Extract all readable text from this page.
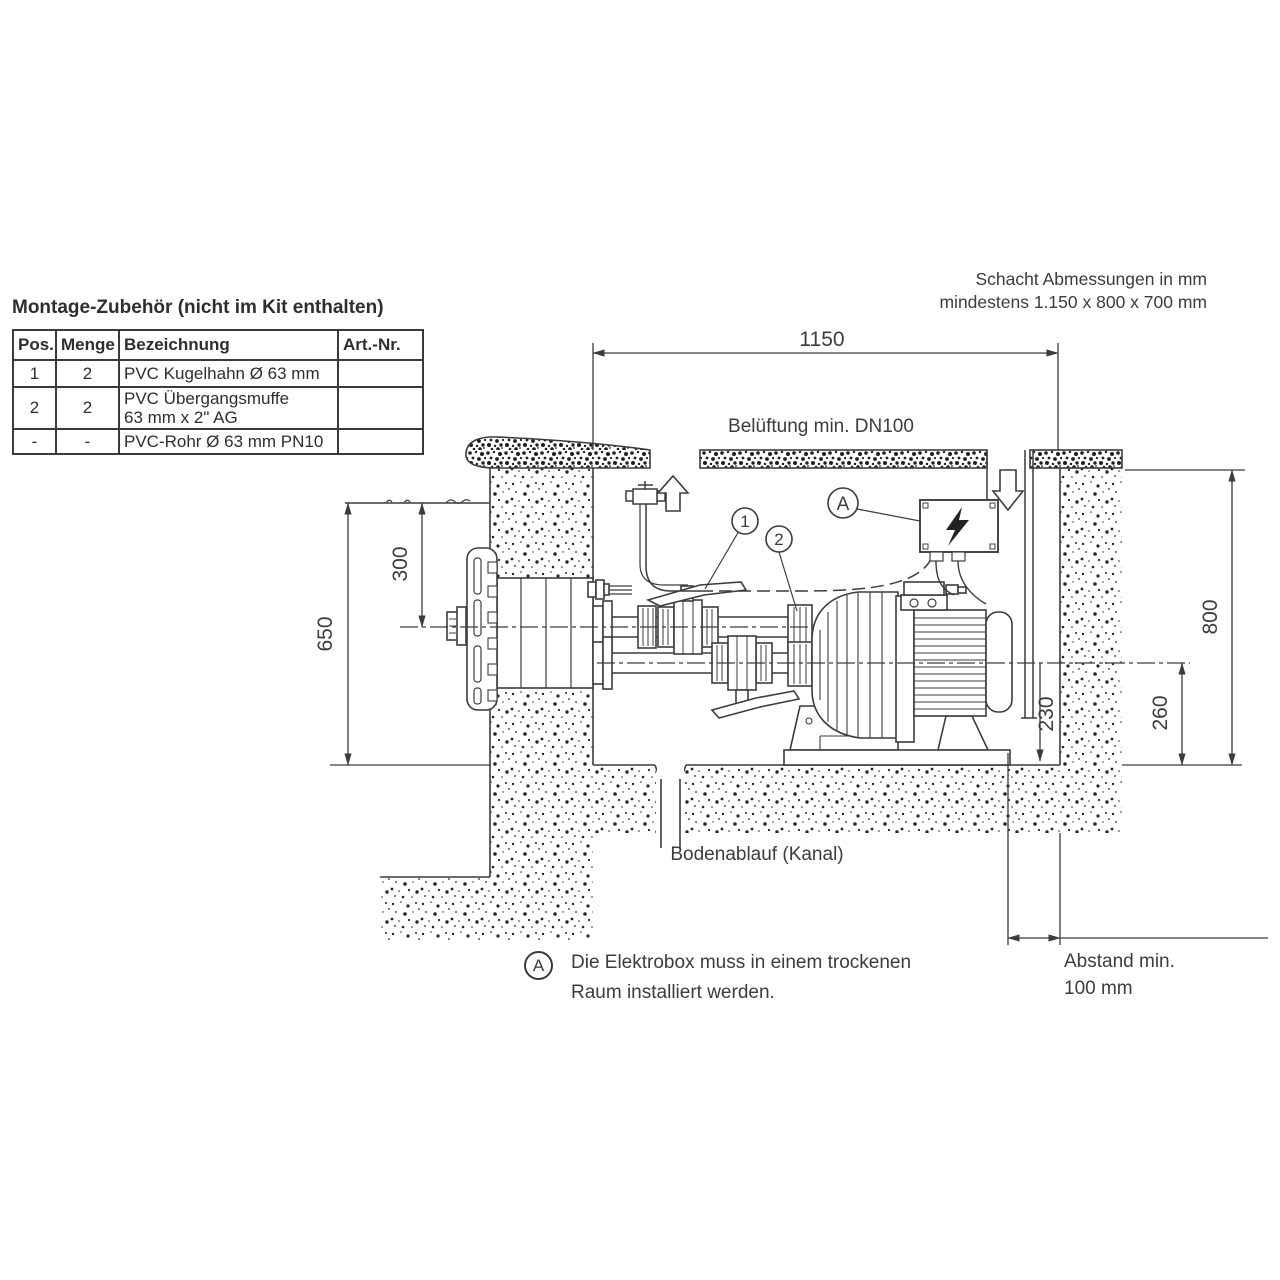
Montage-Zubehör (nicht im Kit enthalten)
Pos.	Menge	Bezeichnung	Art.-Nr.
1	2	PVC Kugelhahn Ø 63 mm	
2	2	PVC Übergangsmuffe
63 mm x 2" AG	

-	-	PVC-Rohr Ø 63 mm PN10	
Schacht Abmessungen in mm
mindestens 1.150 x 800 x 700 mm
1
2
A
1150
800
260
230
650
300
Belüftung min. DN100
Bodenablauf (Kanal)
Abstand min.
100 mm
A	Die Elektrobox muss in einem trockenen
Raum installiert werden.
